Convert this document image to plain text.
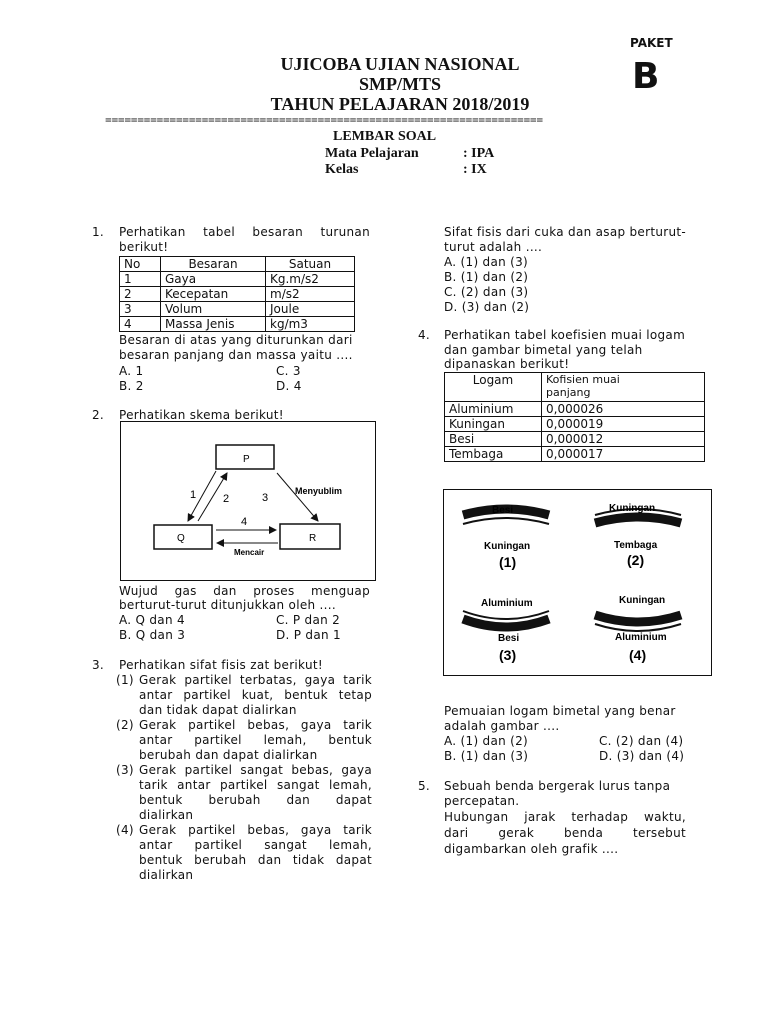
PAKET
B
UJICOBA UJIAN NASIONAL
SMP/MTS
TAHUN PELAJARAN 2018/2019
====================================================================
LEMBAR SOAL
Mata Pelajaran	: IPA
Kelas	: IX
1. Perhatikan tabel besaran turunan
berikut!
No	Besaran	Satuan
1	Gaya	Kg.m/s2
2	Kecepatan	m/s2
3	Volum	Joule
4	Massa Jenis	kg/m3
Besaran di atas yang diturunkan dari
besaran panjang dan massa yaitu ....
A. 1
B. 2
C. 3
D. 4
2. Perhatikan skema berikut!
P
Q	R
1 2	3
4
Menyublim
Mencair
Wujud gas dan proses menguap
berturut-turut ditunjukkan oleh ....
A. Q dan 4
B. Q dan 3
C. P dan 2
D. P dan 1
3. Perhatikan sifat fisis zat berikut!
(1) Gerak partikel terbatas, gaya tarik
antar partikel kuat, bentuk tetap
dan tidak dapat dialirkan
(2) Gerak partikel bebas, gaya tarik
antar partikel lemah, bentuk
berubah dan dapat dialirkan
(3) Gerak partikel sangat bebas, gaya
tarik antar partikel sangat lemah,
bentuk berubah dan dapat
dialirkan
(4) Gerak partikel bebas, gaya tarik
antar partikel sangat lemah,
bentuk berubah dan tidak dapat
dialirkan
Sifat fisis dari cuka dan asap berturut-
turut adalah ....
A. (1) dan (3)
B. (1) dan (2)
C. (2) dan (3)
D. (3) dan (2)
4. Perhatikan tabel koefisien muai logam
dan gambar bimetal yang telah
dipanaskan berikut!
Logam	Kofisien muai
panjang
Aluminium	0,000026
Kuningan	0,000019
Besi	0,000012
Tembaga	0,000017
Besi
Kuningan
(1)
Kuningan
Tembaga
(2)
Aluminium
Besi
(3)
Kuningan
Aluminium
(4)
Pemuaian logam bimetal yang benar
adalah gambar ....
A. (1) dan (2)
B. (1) dan (3)
C. (2) dan (4)
D. (3) dan (4)
5. Sebuah benda bergerak lurus tanpa
percepatan.
Hubungan jarak terhadap waktu,
dari gerak benda tersebut
digambarkan oleh grafik ....
